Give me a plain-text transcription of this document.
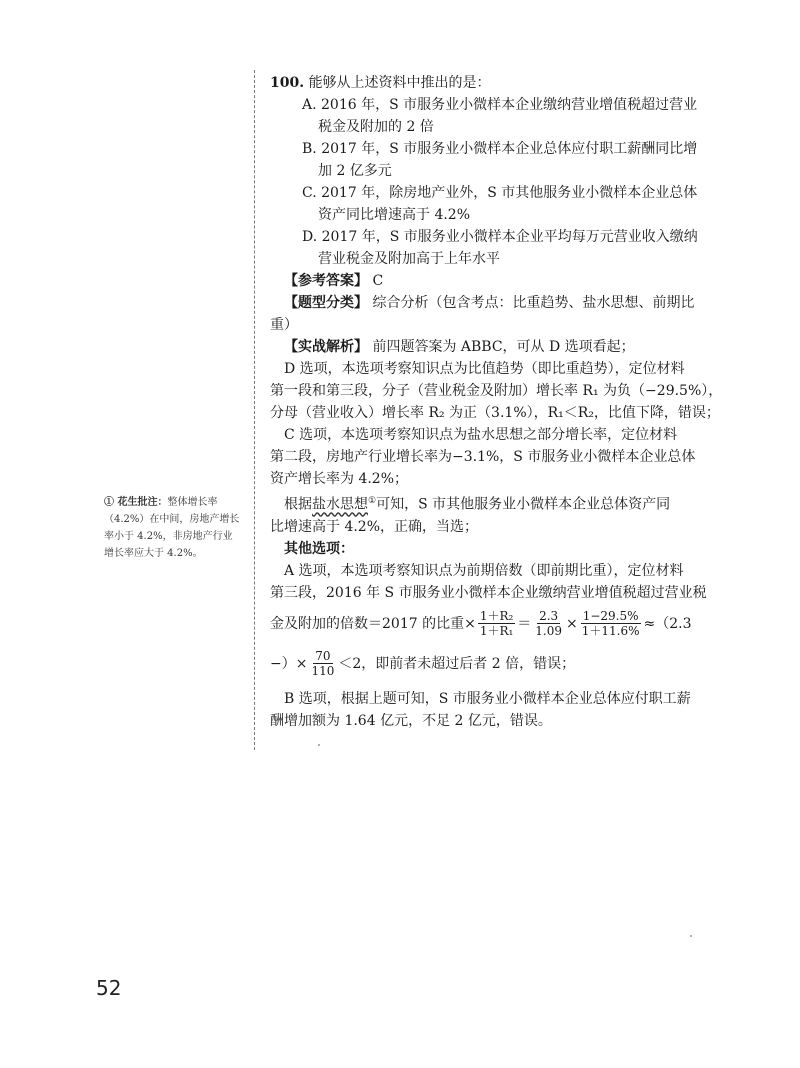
① 花生批注：整体增长率
（4.2%）在中间，房地产增长
率小于 4.2%，非房地产行业
增长率应大于 4.2%。
100. 能够从上述资料中推出的是：
A. 2016 年，S 市服务业小微样本企业缴纳营业增值税超过营业
税金及附加的 2 倍
B. 2017 年，S 市服务业小微样本企业总体应付职工薪酬同比增
加 2 亿多元
C. 2017 年，除房地产业外，S 市其他服务业小微样本企业总体
资产同比增速高于 4.2%
D. 2017 年，S 市服务业小微样本企业平均每万元营业收入缴纳
营业税金及附加高于上年水平
【参考答案】 C
【题型分类】 综合分析（包含考点：比重趋势、盐水思想、前期比
重）
【实战解析】 前四题答案为 ABBC，可从 D 选项看起；
D 选项，本选项考察知识点为比值趋势（即比重趋势），定位材料
第一段和第三段，分子（营业税金及附加）增长率 R₁ 为负（−29.5%），
分母（营业收入）增长率 R₂ 为正（3.1%），R₁＜R₂，比值下降，错误；
C 选项，本选项考察知识点为盐水思想之部分增长率，定位材料
第二段，房地产行业增长率为−3.1%，S 市服务业小微样本企业总体
资产增长率为 4.2%；
根据盐水思想①可知，S 市其他服务业小微样本企业总体资产同
比增速高于 4.2%，正确，当选；
其他选项：
A 选项，本选项考察知识点为前期倍数（即前期比重），定位材料
第三段，2016 年 S 市服务业小微样本企业缴纳营业增值税超过营业税
金及附加的倍数＝2017 的比重× $\frac{\text{1＋R₂}}{\text{1＋R₁}} = \frac{2.3}{1.09} \times \frac{1-29.5\%}{1+11.6\%} \approx(2.3$
−）× $\frac{70}{110} <2$，即前者未超过后者 2 倍，错误；
B 选项，根据上题可知，S 市服务业小微样本企业总体应付职工薪
酬增加额为 1.64 亿元，不足 2 亿元，错误。
52
